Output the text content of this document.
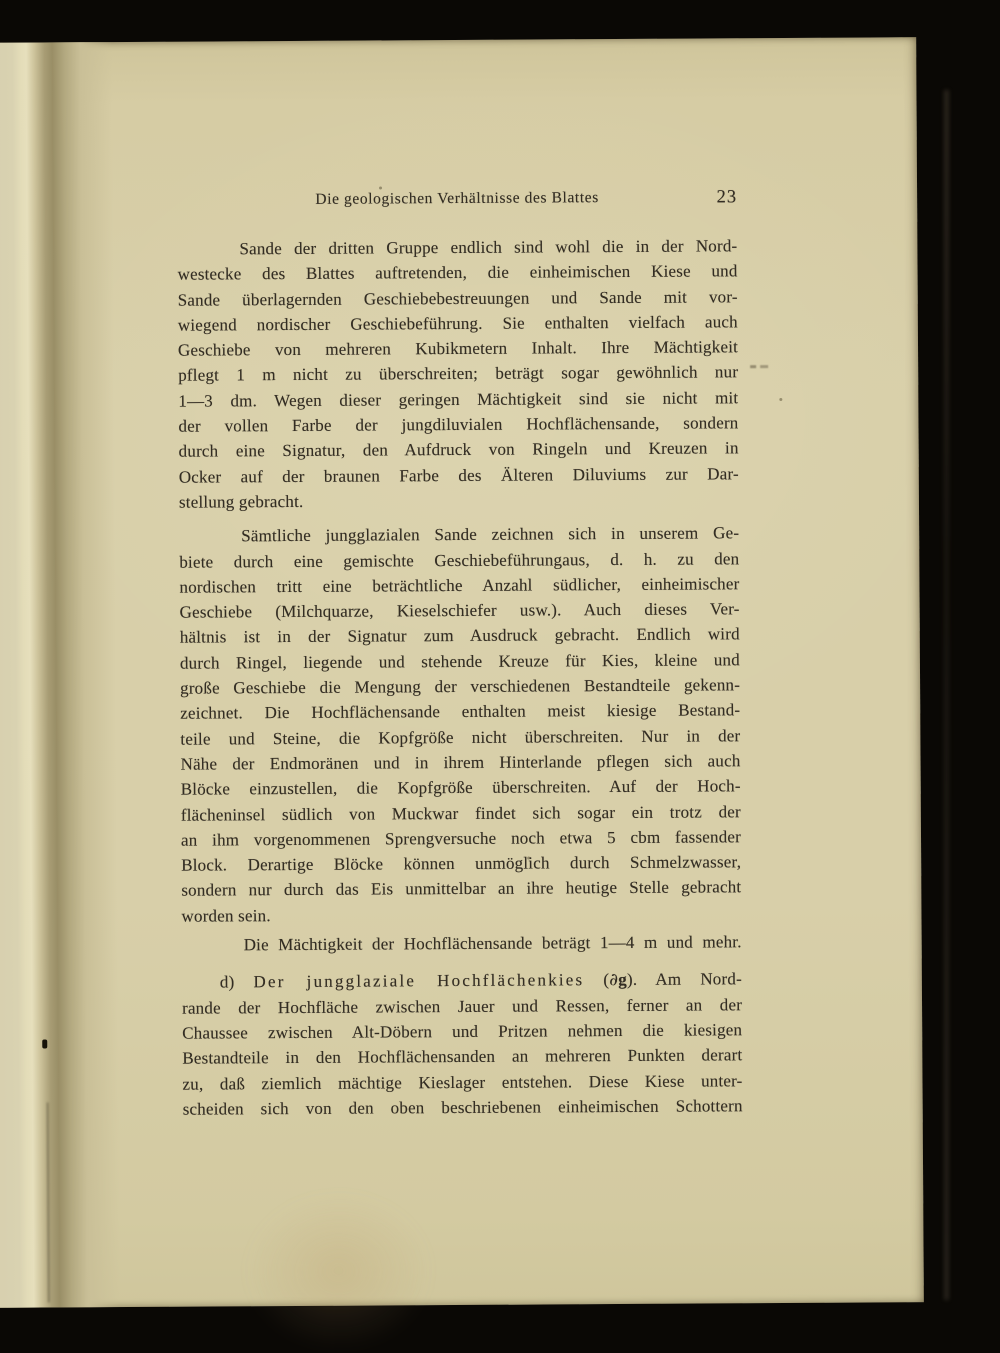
Die geologischen Verhältnisse des Blattes	23
Sande der dritten Gruppe endlich sind wohl die in der Nord-
westecke des Blattes auftretenden, die einheimischen Kiese und
Sande überlagernden Geschiebebestreuungen und Sande mit vor-
wiegend nordischer Geschiebeführung. Sie enthalten vielfach auch
Geschiebe von mehreren Kubikmetern Inhalt. Ihre Mächtigkeit
pflegt 1 m nicht zu überschreiten; beträgt sogar gewöhnlich nur
1—3 dm. Wegen dieser geringen Mächtigkeit sind sie nicht mit
der vollen Farbe der jungdiluvialen Hochflächensande, sondern
durch eine Signatur, den Aufdruck von Ringeln und Kreuzen in
Ocker auf der braunen Farbe des Älteren Diluviums zur Dar-
stellung gebracht.
Sämtliche jungglazialen Sande zeichnen sich in unserem Ge-
biete durch eine gemischte Geschiebeführungaus, d. h. zu den
nordischen tritt eine beträchtliche Anzahl südlicher, einheimischer
Geschiebe (Milchquarze, Kieselschiefer usw.). Auch dieses Ver-
hältnis ist in der Signatur zum Ausdruck gebracht. Endlich wird
durch Ringel, liegende und stehende Kreuze für Kies, kleine und
große Geschiebe die Mengung der verschiedenen Bestandteile gekenn-
zeichnet. Die Hochflächensande enthalten meist kiesige Bestand-
teile und Steine, die Kopfgröße nicht überschreiten. Nur in der
Nähe der Endmoränen und in ihrem Hinterlande pflegen sich auch
Blöcke einzustellen, die Kopfgröße überschreiten. Auf der Hoch-
flächeninsel südlich von Muckwar findet sich sogar ein trotz der
an ihm vorgenommenen Sprengversuche noch etwa 5 cbm fassender
Block. Derartige Blöcke können unmöglich durch Schmelzwasser,
sondern nur durch das Eis unmittelbar an ihre heutige Stelle gebracht
worden sein.
Die Mächtigkeit der Hochflächensande beträgt 1—4 m und mehr.
d) Der jungglaziale Hochflächenkies (∂g). Am Nord-
rande der Hochfläche zwischen Jauer und Ressen, ferner an der
Chaussee zwischen Alt-Döbern und Pritzen nehmen die kiesigen
Bestandteile in den Hochflächensanden an mehreren Punkten derart
zu, daß ziemlich mächtige Kieslager entstehen. Diese Kiese unter-
scheiden sich von den oben beschriebenen einheimischen Schottern
